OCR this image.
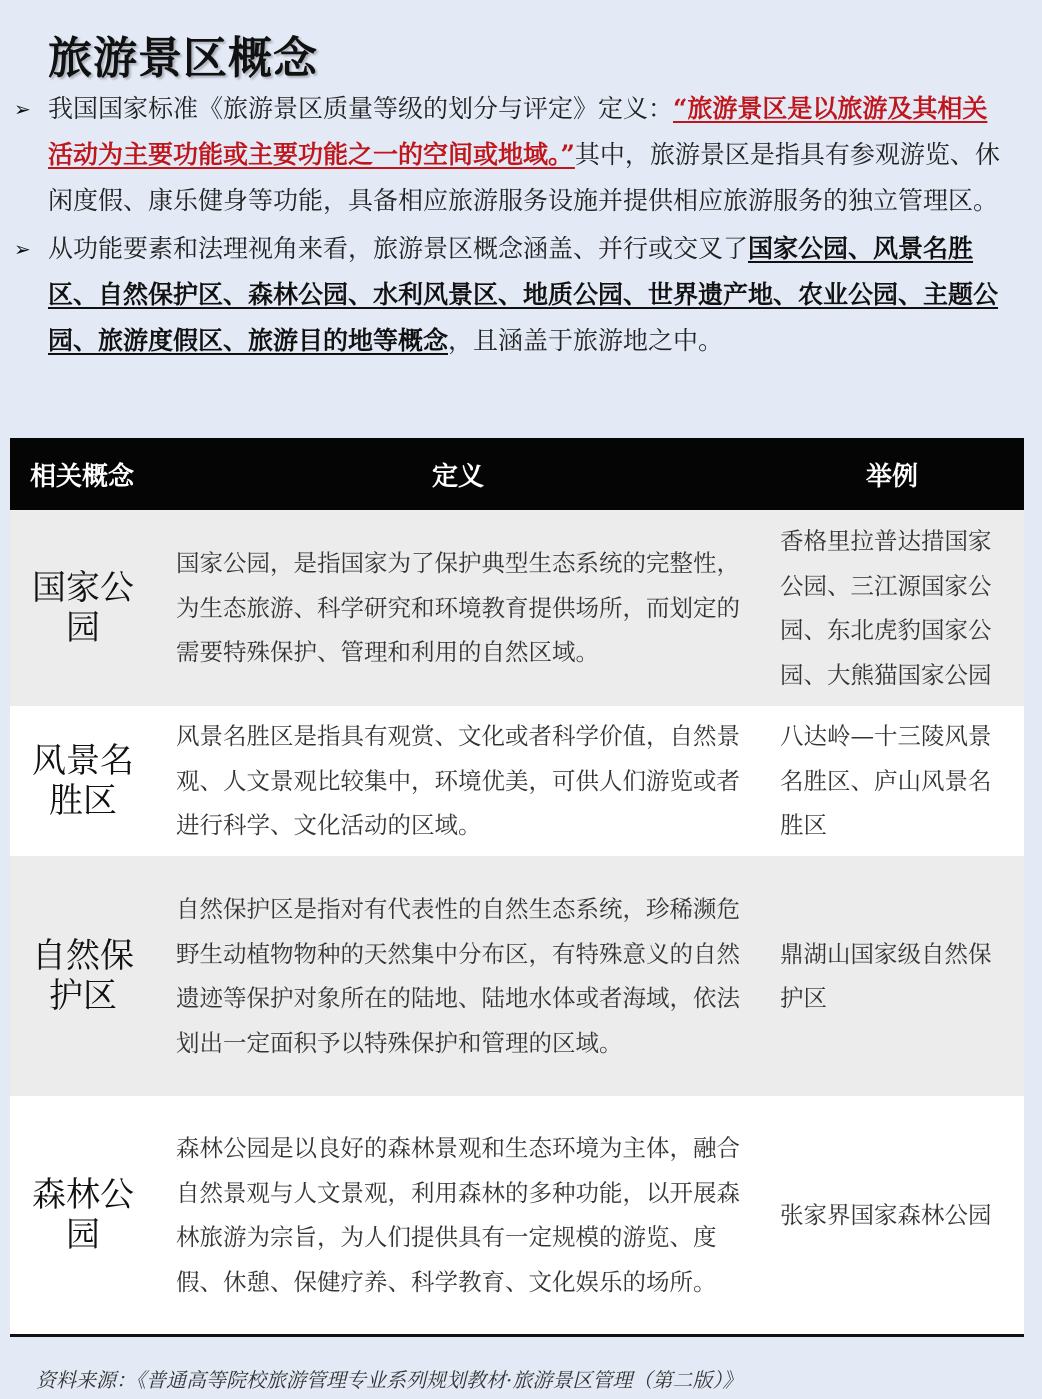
旅游景区概念
➢ 我国国家标准《旅游景区质量等级的划分与评定》定义：“旅游景区是以旅游及其相关活动为主要功能或主要功能之一的空间或地域。”其中，旅游景区是指具有参观游览、休闲度假、康乐健身等功能，具备相应旅游服务设施并提供相应旅游服务的独立管理区。
➢ 从功能要素和法理视角来看，旅游景区概念涵盖、并行或交叉了国家公园、风景名胜区、自然保护区、森林公园、水利风景区、地质公园、世界遗产地、农业公园、主题公园、旅游度假区、旅游目的地等概念，且涵盖于旅游地之中。
相关概念	定义	举例
国家公园
国家公园，是指国家为了保护典型生态系统的完整性，为生态旅游、科学研究和环境教育提供场所，而划定的需要特殊保护、管理和利用的自然区域。
香格里拉普达措国家公园、三江源国家公园、东北虎豹国家公园、大熊猫国家公园
风景名胜区
风景名胜区是指具有观赏、文化或者科学价值，自然景观、人文景观比较集中，环境优美，可供人们游览或者进行科学、文化活动的区域。
八达岭—十三陵风景名胜区、庐山风景名胜区
自然保护区
自然保护区是指对有代表性的自然生态系统，珍稀濒危野生动植物物种的天然集中分布区，有特殊意义的自然遗迹等保护对象所在的陆地、陆地水体或者海域，依法划出一定面积予以特殊保护和管理的区域。
鼎湖山国家级自然保护区
森林公园
森林公园是以良好的森林景观和生态环境为主体，融合自然景观与人文景观，利用森林的多种功能，以开展森林旅游为宗旨，为人们提供具有一定规模的游览、度假、休憩、保健疗养、科学教育、文化娱乐的场所。
张家界国家森林公园
资料来源：《普通高等院校旅游管理专业系列规划教材·旅游景区管理（第二版）》
